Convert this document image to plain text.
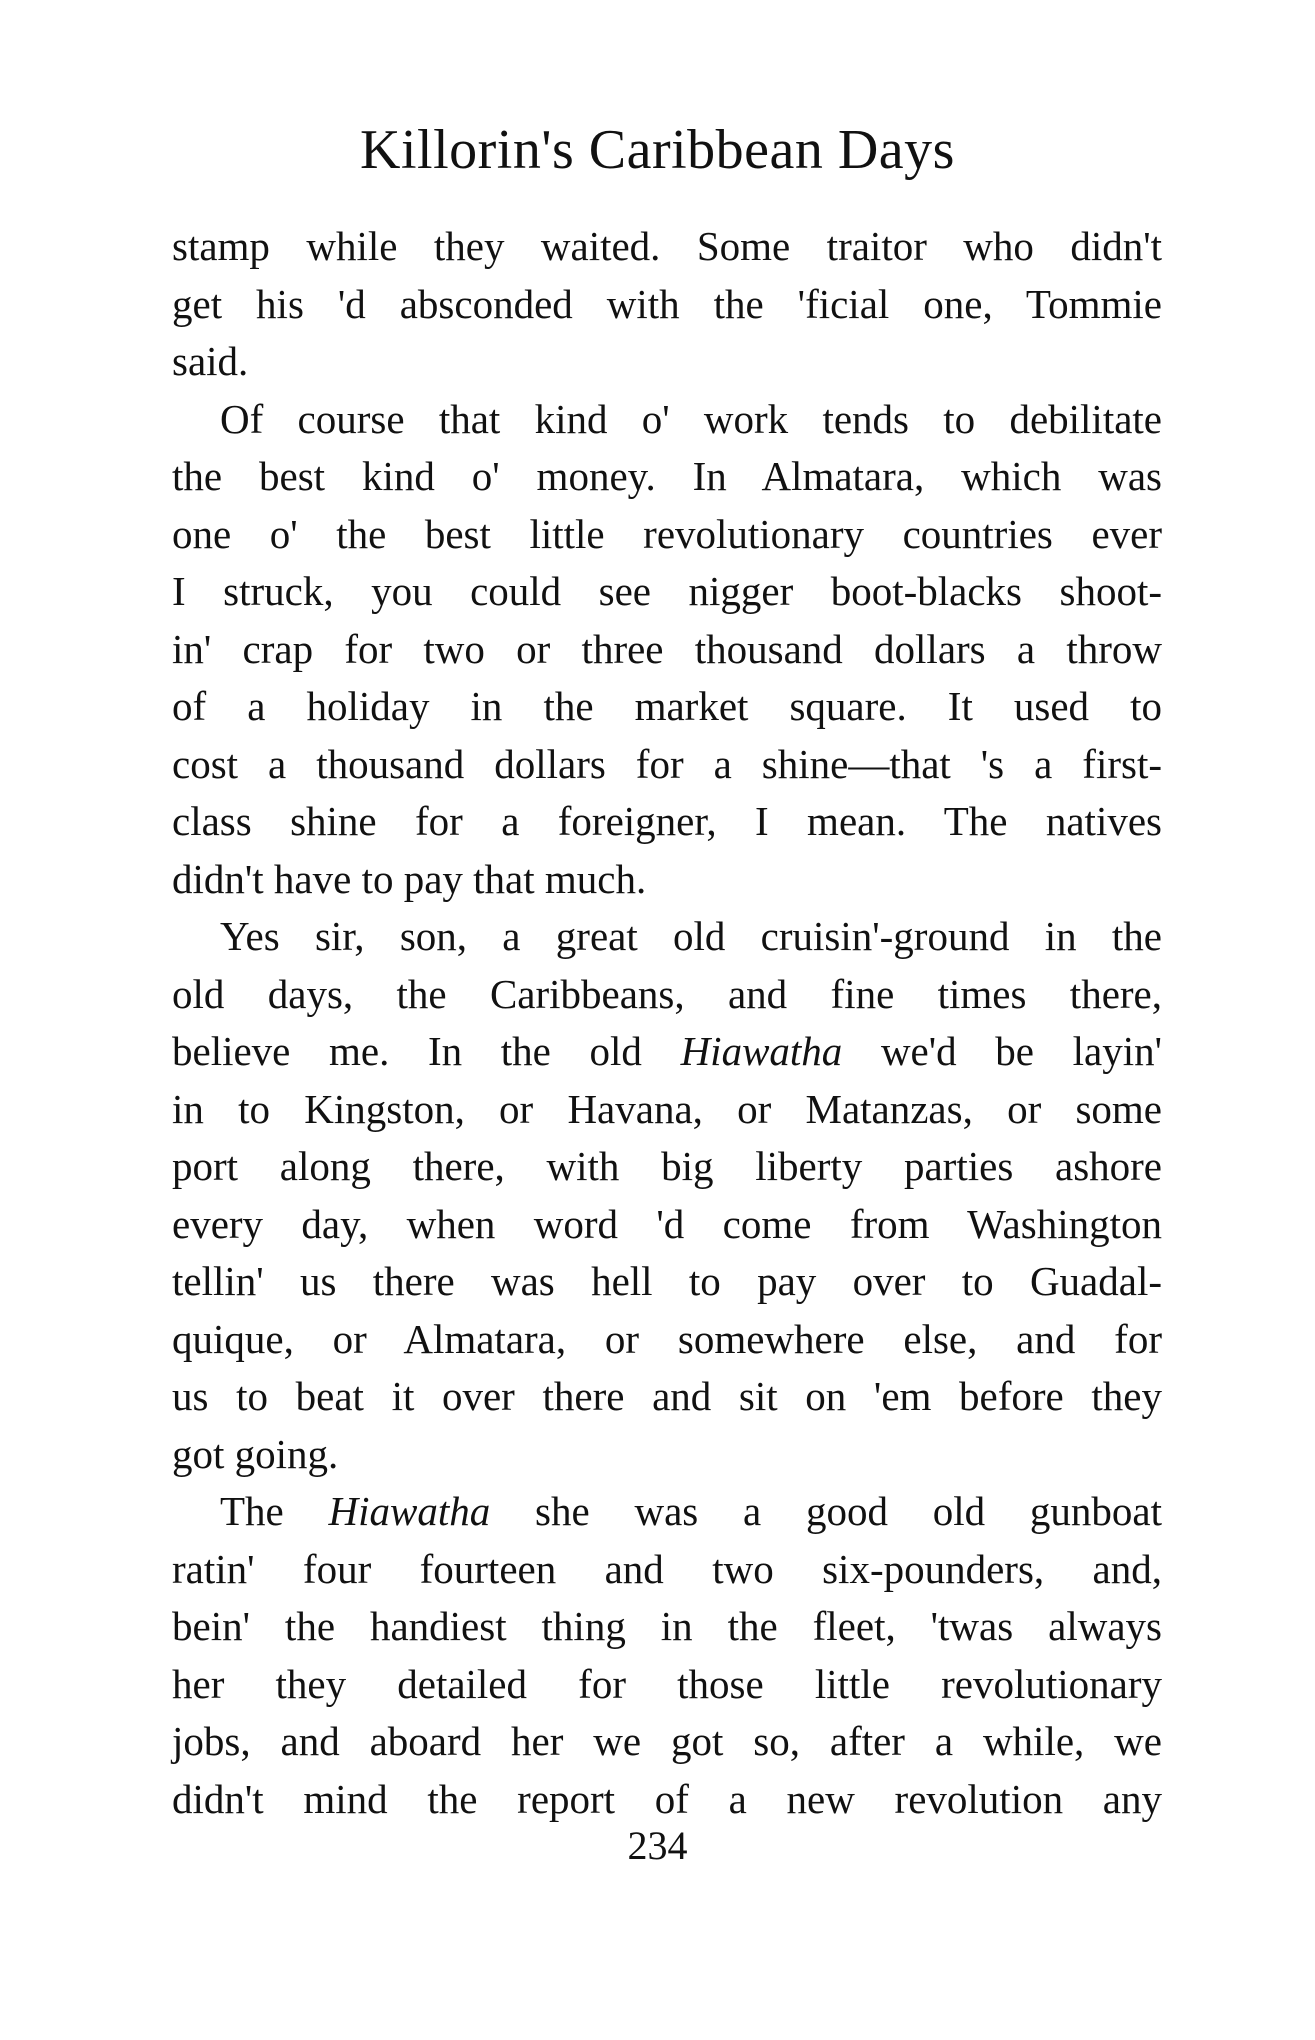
Killorin's Caribbean Days
stamp while they waited. Some traitor who didn't
get his 'd absconded with the 'ficial one, Tommie
said.
Of course that kind o' work tends to debilitate
the best kind o' money. In Almatara, which was
one o' the best little revolutionary countries ever
I struck, you could see nigger boot-blacks shoot-
in' crap for two or three thousand dollars a throw
of a holiday in the market square. It used to
cost a thousand dollars for a shine—that 's a first-
class shine for a foreigner, I mean. The natives
didn't have to pay that much.
Yes sir, son, a great old cruisin'-ground in the
old days, the Caribbeans, and fine times there,
believe me. In the old Hiawatha we'd be layin'
in to Kingston, or Havana, or Matanzas, or some
port along there, with big liberty parties ashore
every day, when word 'd come from Washington
tellin' us there was hell to pay over to Guadal-
quique, or Almatara, or somewhere else, and for
us to beat it over there and sit on 'em before they
got going.
The Hiawatha she was a good old gunboat
ratin' four fourteen and two six-pounders, and,
bein' the handiest thing in the fleet, 'twas always
her they detailed for those little revolutionary
jobs, and aboard her we got so, after a while, we
didn't mind the report of a new revolution any
234
